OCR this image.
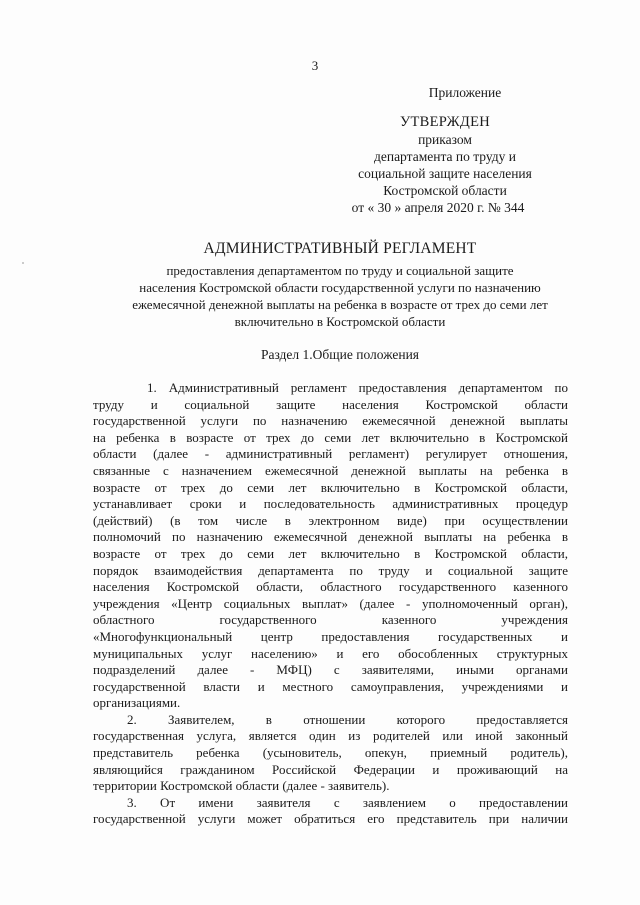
3
Приложение
УТВЕРЖДЕН
приказом
департамента по труду и
социальной защите населения
Костромской области
от « 30 » апреля 2020 г. № 344
АДМИНИСТРАТИВНЫЙ РЕГЛАМЕНТ
предоставления департаментом по труду и социальной защите
населения Костромской области государственной услуги по назначению
ежемесячной денежной выплаты на ребенка в возрасте от трех до семи лет
включительно в Костромской области
Раздел 1.Общие положения
1. Административный регламент предоставления департаментом по
труду и социальной защите населения Костромской области
государственной услуги по назначению ежемесячной денежной выплаты
на ребенка в возрасте от трех до семи лет включительно в Костромской
области (далее - административный регламент) регулирует отношения,
связанные с назначением ежемесячной денежной выплаты на ребенка в
возрасте от трех до семи лет включительно в Костромской области,
устанавливает сроки и последовательность административных процедур
(действий) (в том числе в электронном виде) при осуществлении
полномочий по назначению ежемесячной денежной выплаты на ребенка в
возрасте от трех до семи лет включительно в Костромской области,
порядок взаимодействия департамента по труду и социальной защите
населения Костромской области, областного государственного казенного
учреждения «Центр социальных выплат» (далее - уполномоченный орган),
областного государственного казенного учреждения
«Многофункциональный центр предоставления государственных и
муниципальных услуг населению» и его обособленных структурных
подразделений далее - МФЦ) с заявителями, иными органами
государственной власти и местного самоуправления, учреждениями и
организациями.
2. Заявителем, в отношении которого предоставляется
государственная услуга, является один из родителей или иной законный
представитель ребенка (усыновитель, опекун, приемный родитель),
являющийся гражданином Российской Федерации и проживающий на
территории Костромской области (далее - заявитель).
3. От имени заявителя с заявлением о предоставлении
государственной услуги может обратиться его представитель при наличии
